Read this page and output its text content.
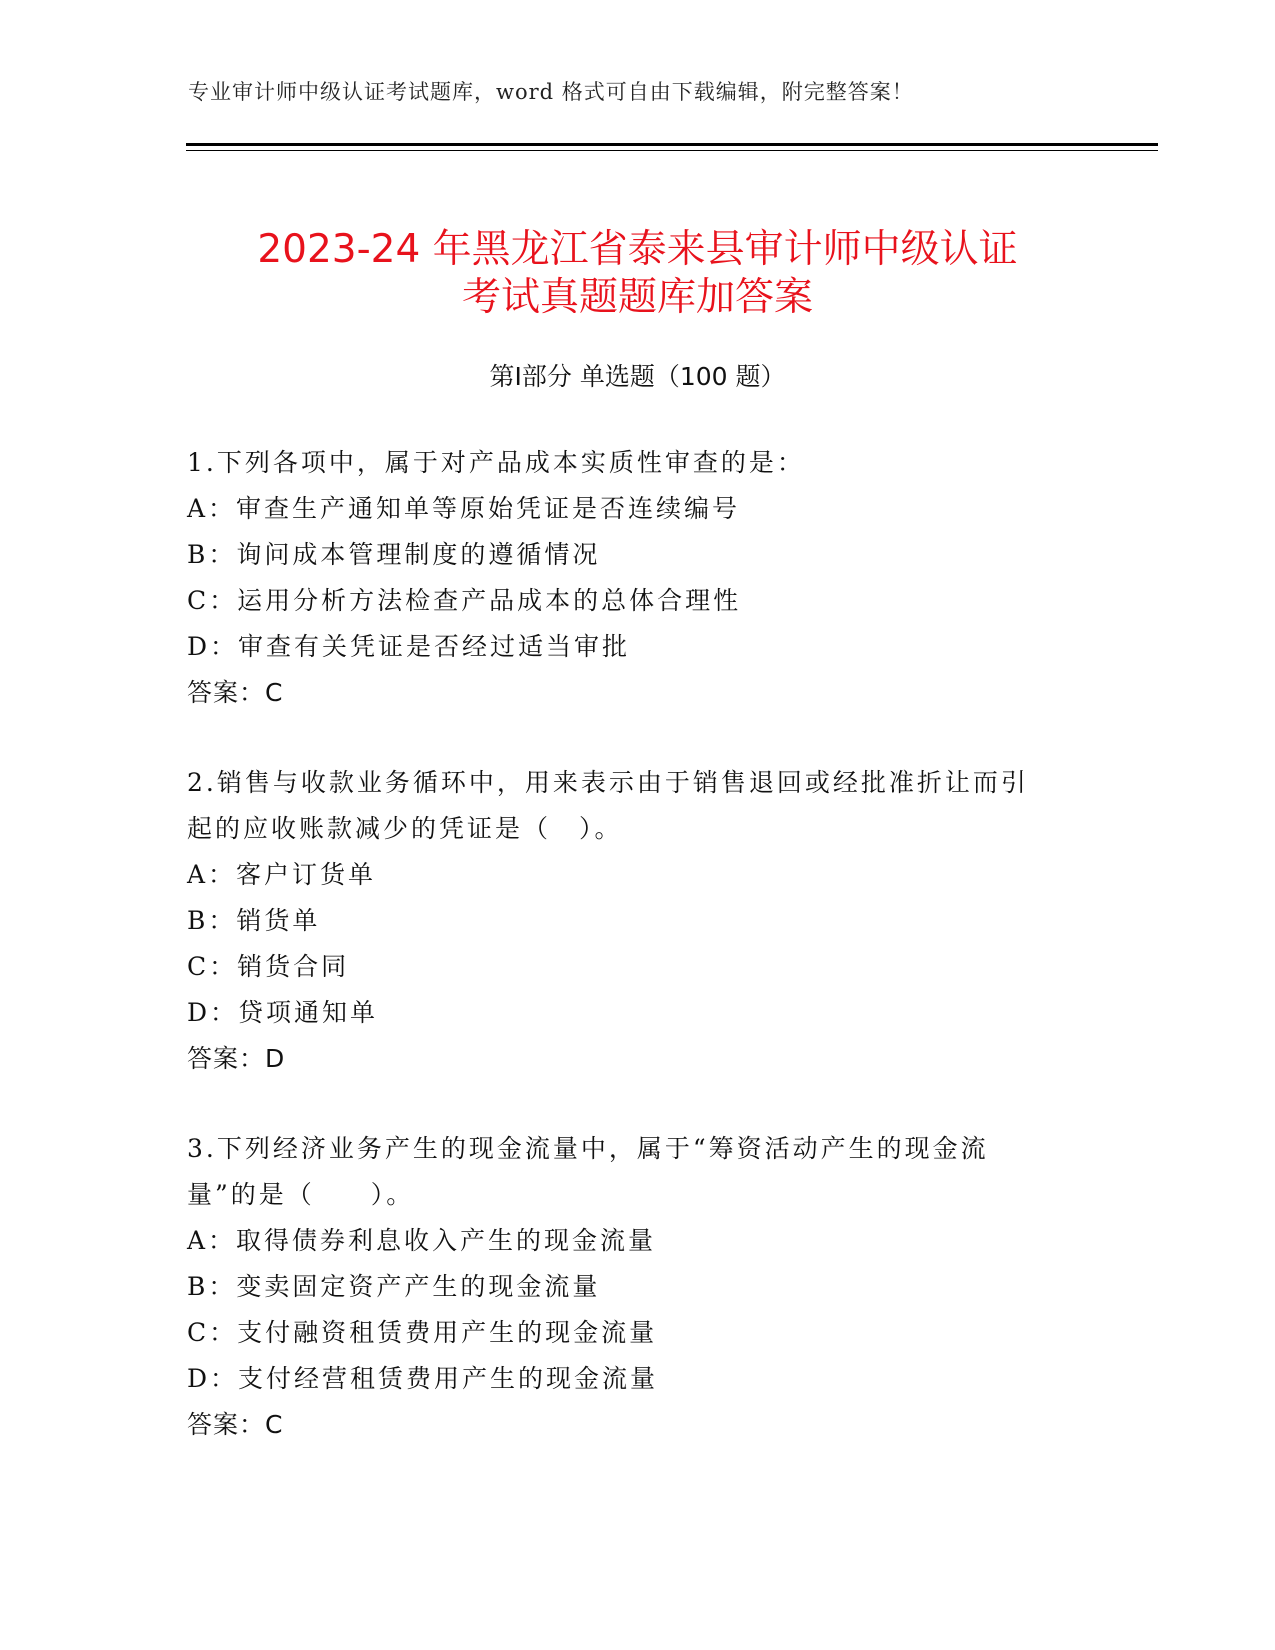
专业审计师中级认证考试题库，word 格式可自由下载编辑，附完整答案！
2023-24 年黑龙江省泰来县审计师中级认证
考试真题题库加答案
第Ⅰ部分 单选题（100 题）
1.下列各项中，属于对产品成本实质性审查的是：
A：审查生产通知单等原始凭证是否连续编号
B：询问成本管理制度的遵循情况
C：运用分析方法检查产品成本的总体合理性
D：审查有关凭证是否经过适当审批
答案：C
2.销售与收款业务循环中，用来表示由于销售退回或经批准折让而引起的应收账款减少的凭证是（　）。
A：客户订货单
B：销货单
C：销货合同
D：贷项通知单
答案：D
3.下列经济业务产生的现金流量中，属于“筹资活动产生的现金流量”的是（　　）。
A：取得债券利息收入产生的现金流量
B：变卖固定资产产生的现金流量
C：支付融资租赁费用产生的现金流量
D：支付经营租赁费用产生的现金流量
答案：C
